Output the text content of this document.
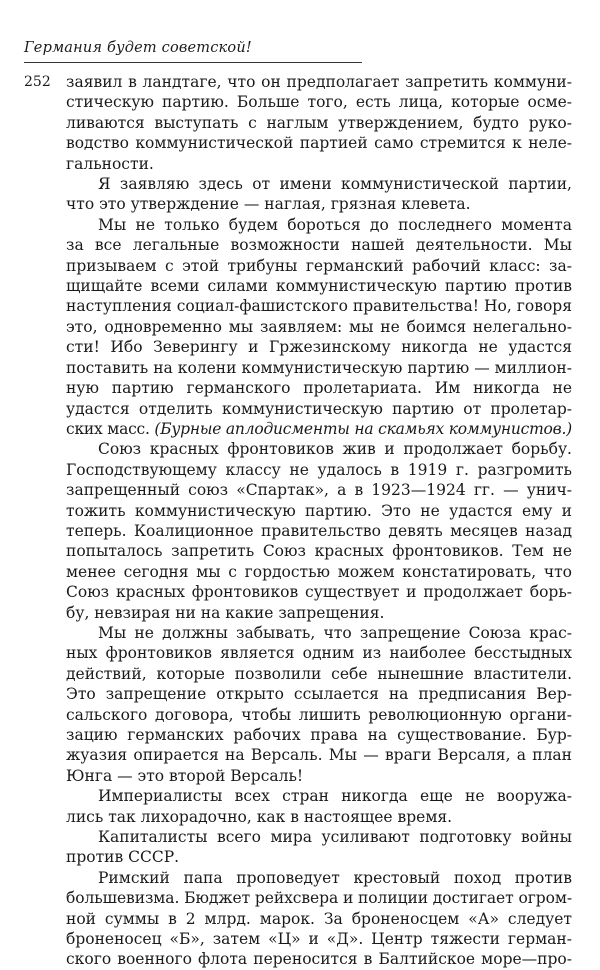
Германия будет советской!
252 заявил в ландтаге, что он предполагает запретить коммуни-
стическую партию. Больше того, есть лица, которые осме-
ливаются выступать с наглым утверждением, будто руко-
водство коммунистической партией само стремится к неле-
гальности.
Я заявляю здесь от имени коммунистической партии,
что это утверждение — наглая, грязная клевета.
Мы не только будем бороться до последнего момента
за все легальные возможности нашей деятельности. Мы
призываем с этой трибуны германский рабочий класс: за-
щищайте всеми силами коммунистическую партию против
наступления социал-фашистского правительства! Но, говоря
это, одновременно мы заявляем: мы не боимся нелегально-
сти! Ибо Зеверингу и Гржезинскому никогда не удастся
поставить на колени коммунистическую партию — миллион-
ную партию германского пролетариата. Им никогда не
удастся отделить коммунистическую партию от пролетар-
ских масс. (Бурные аплодисменты на скамьях коммунистов.)
Союз красных фронтовиков жив и продолжает борьбу.
Господствующему классу не удалось в 1919 г. разгромить
запрещенный союз «Спартак», а в 1923—1924 гг. — унич-
тожить коммунистическую партию. Это не удастся ему и
теперь. Коалиционное правительство девять месяцев назад
попыталось запретить Союз красных фронтовиков. Тем не
менее сегодня мы с гордостью можем констатировать, что
Союз красных фронтовиков существует и продолжает борь-
бу, невзирая ни на какие запрещения.
Мы не должны забывать, что запрещение Союза крас-
ных фронтовиков является одним из наиболее бесстыдных
действий, которые позволили себе нынешние властители.
Это запрещение открыто ссылается на предписания Вер-
сальского договора, чтобы лишить революционную органи-
зацию германских рабочих права на существование. Бур-
жуазия опирается на Версаль. Мы — враги Версаля, а план
Юнга — это второй Версаль!
Империалисты всех стран никогда еще не вооружа-
лись так лихорадочно, как в настоящее время.
Капиталисты всего мира усиливают подготовку войны
против СССР.
Римский папа проповедует крестовый поход против
большевизма. Бюджет рейхсвера и полиции достигает огром-
ной суммы в 2 млрд. марок. За броненосцем «А» следует
броненосец «Б», затем «Ц» и «Д». Центр тяжести герман-
ского военного флота переносится в Балтийское море—про-
